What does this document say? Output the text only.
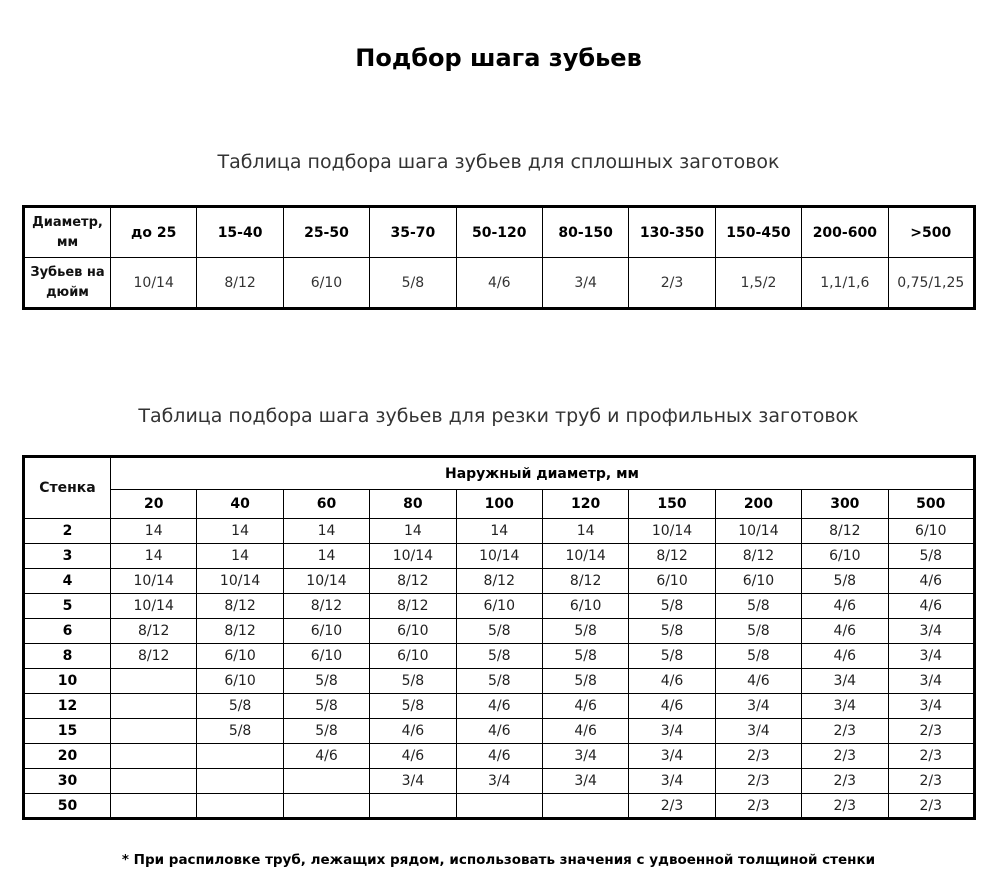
Подбор шага зубьев
Таблица подбора шага зубьев для сплошных заготовок
Диаметр, мм	до 25	15-40	25-50	35-70	50-120	80-150	130-350	150-450	200-600	>500
Зубьев на дюйм	10/14	8/12	6/10	5/8	4/6	3/4	2/3	1,5/2	1,1/1,6	0,75/1,25
Таблица подбора шага зубьев для резки труб и профильных заготовок
Стенка	Наружный диаметр, мм									
	20	40	60	80	100	120	150	200	300	500
2	14	14	14	14	14	14	10/14	10/14	8/12	6/10
3	14	14	14	10/14	10/14	10/14	8/12	8/12	6/10	5/8
4	10/14	10/14	10/14	8/12	8/12	8/12	6/10	6/10	5/8	4/6
5	10/14	8/12	8/12	8/12	6/10	6/10	5/8	5/8	4/6	4/6
6	8/12	8/12	6/10	6/10	5/8	5/8	5/8	5/8	4/6	3/4
8	8/12	6/10	6/10	6/10	5/8	5/8	5/8	5/8	4/6	3/4
10		6/10	5/8	5/8	5/8	5/8	4/6	4/6	3/4	3/4
12		5/8	5/8	5/8	4/6	4/6	4/6	3/4	3/4	3/4
15		5/8	5/8	4/6	4/6	4/6	3/4	3/4	2/3	2/3
20			4/6	4/6	4/6	3/4	3/4	2/3	2/3	2/3
30				3/4	3/4	3/4	3/4	2/3	2/3	2/3
50							2/3	2/3	2/3	2/3
* При распиловке труб, лежащих рядом, использовать значения с удвоенной толщиной стенки
